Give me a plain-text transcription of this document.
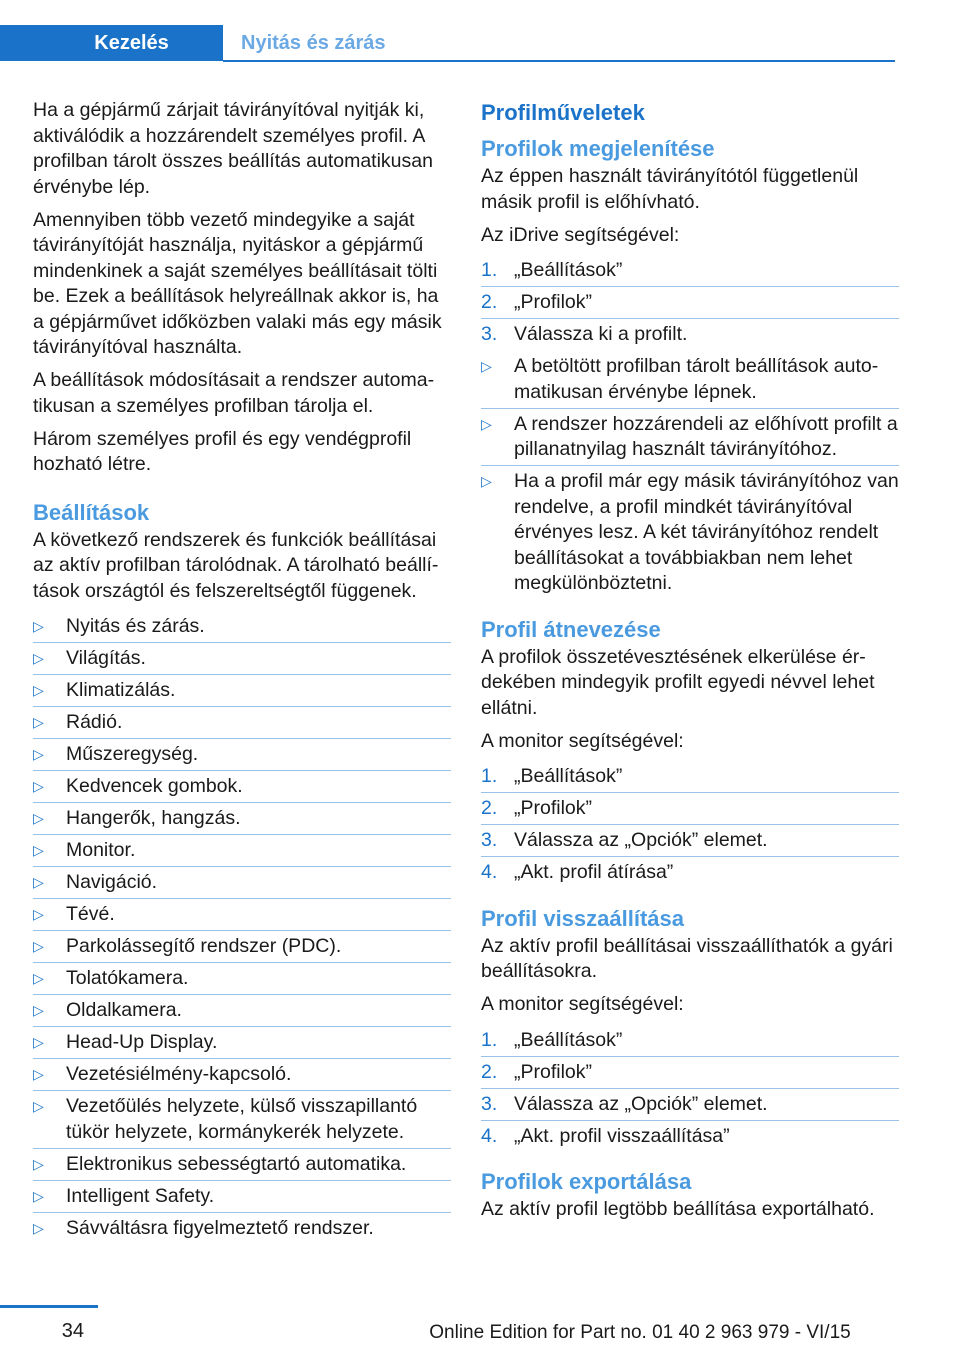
Kezelés	Nyitás és zárás

Ha a gépjármű zárjait távirányítóval nyitják ki, aktiválódik a hozzárendelt személyes profil. A profilban tárolt összes beállítás automatikusan érvénybe lép.

Amennyiben több vezető mindegyike a saját távirányítóját használja, nyitáskor a gépjármű mindenkinek a saját személyes beállításait tölti be. Ezek a beállítások helyreállnak akkor is, ha a gépjárművet időközben valaki más egy másik távirányítóval használta.

A beállítások módosításait a rendszer automatikusan a személyes profilban tárolja el.

Három személyes profil és egy vendégprofil hozható létre.

Beállítások

A következő rendszerek és funkciók beállításai az aktív profilban tárolódnak. A tárolható beállítások országtól és felszereltségtől függenek.

▷ Nyitás és zárás.
▷ Világítás.
▷ Klimatizálás.
▷ Rádió.
▷ Műszeregység.
▷ Kedvencek gombok.
▷ Hangerők, hangzás.
▷ Monitor.
▷ Navigáció.
▷ Tévé.
▷ Parkolássegítő rendszer (PDC).
▷ Tolatókamera.
▷ Oldalkamera.
▷ Head-Up Display.
▷ Vezetésiélmény-kapcsoló.
▷ Vezetőülés helyzete, külső visszapillantó tükör helyzete, kormánykerék helyzete.
▷ Elektronikus sebességtartó automatika.
▷ Intelligent Safety.
▷ Sávváltásra figyelmeztető rendszer.
Profilműveletek
Profilok megjelenítése

Az éppen használt távirányítótól függetlenül másik profil is előhívható.

Az iDrive segítségével:

1. „Beállítások”
2. „Profilok”
3. Válassza ki a profilt.
▷ A betöltött profilban tárolt beállítások automatikusan érvénybe lépnek.
▷ A rendszer hozzárendeli az előhívott profilt a pillanatnyilag használt távirányítóhoz.
▷ Ha a profil már egy másik távirányítóhoz van rendelve, a profil mindkét távirányítóval érvényes lesz. A két távirányítóhoz rendelt beállításokat a továbbiakban nem lehet megkülönböztetni.
Profil átnevezése

A profilok összetévesztésének elkerülése érdekében mindegyik profilt egyedi névvel lehet ellátni.

A monitor segítségével:

1. „Beállítások”
2. „Profilok”
3. Válassza az „Opciók” elemet.
4. „Akt. profil átírása”
Profil visszaállítása

Az aktív profil beállításai visszaállíthatók a gyári beállításokra.

A monitor segítségével:

1. „Beállítások”
2. „Profilok”
3. Válassza az „Opciók” elemet.
4. „Akt. profil visszaállítása”
Profilok exportálása

Az aktív profil legtöbb beállítása exportálható.

34	Online Edition for Part no. 01 40 2 963 979 - VI/15
